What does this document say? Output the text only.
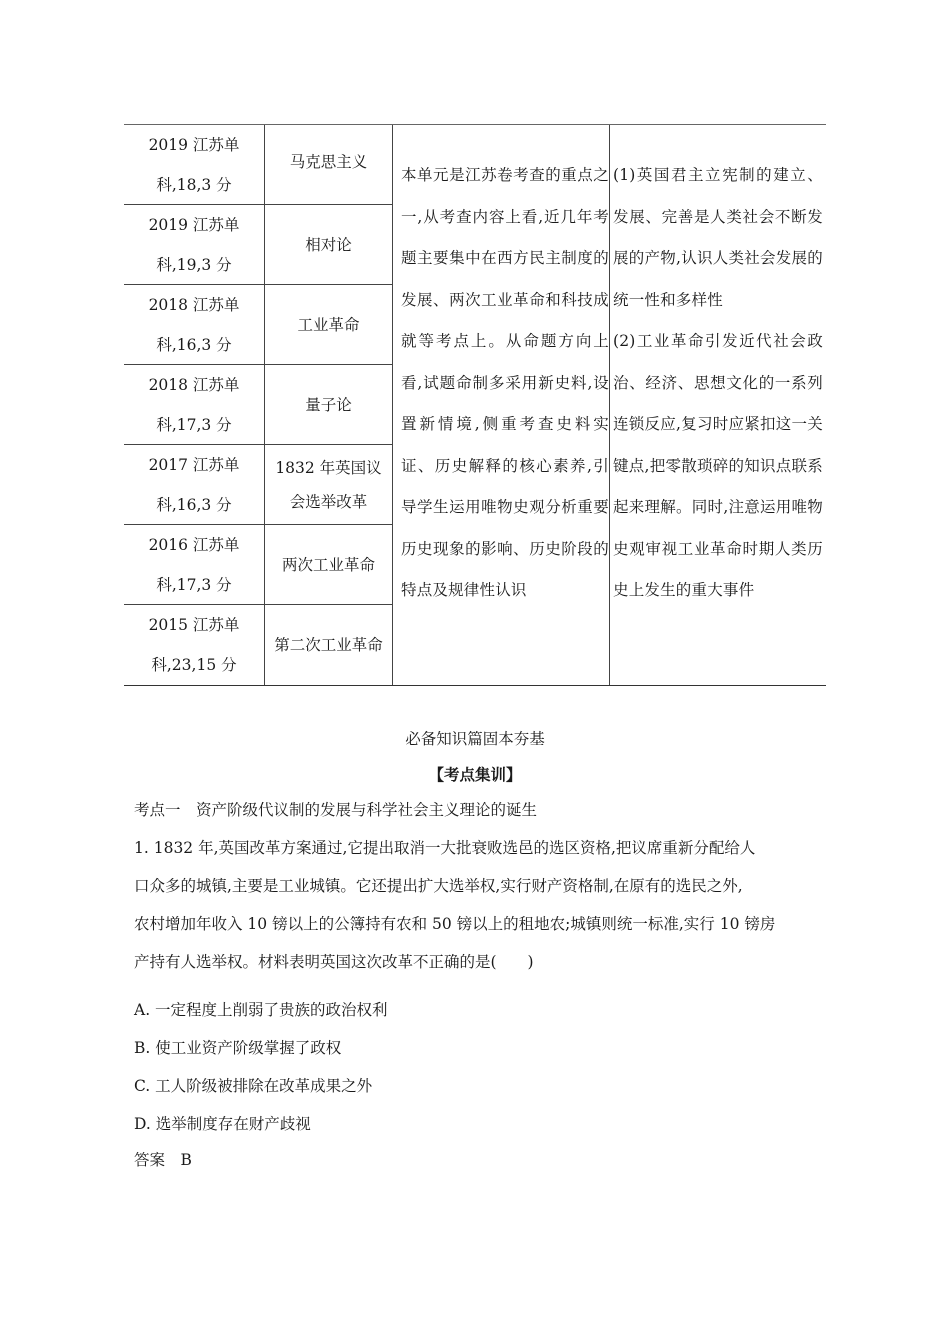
2019 江苏单
科,18,3 分
2019 江苏单
科,19,3 分
2018 江苏单
科,16,3 分
2018 江苏单
科,17,3 分
2017 江苏单
科,16,3 分
2016 江苏单
科,17,3 分
2015 江苏单
科,23,15 分
马克思主义
相对论
工业革命
量子论
1832 年英国议会选举改革
两次工业革命
第二次工业革命
本单元是江苏卷考查的重点之一,从考查内容上看,近几年考题主要集中在西方民主制度的发展、两次工业革命和科技成就等考点上。从命题方向上看,试题命制多采用新史料,设置新情境,侧重考查史料实证、历史解释的核心素养,引导学生运用唯物史观分析重要历史现象的影响、历史阶段的特点及规律性认识
(1)英国君主立宪制的建立、发展、完善是人类社会不断发展的产物,认识人类社会发展的统一性和多样性
(2)工业革命引发近代社会政治、经济、思想文化的一系列连锁反应,复习时应紧扣这一关键点,把零散琐碎的知识点联系起来理解。同时,注意运用唯物史观审视工业革命时期人类历史上发生的重大事件
必备知识篇固本夯基
【考点集训】
考点一　资产阶级代议制的发展与科学社会主义理论的诞生
1. 1832 年,英国改革方案通过,它提出取消一大批衰败选邑的选区资格,把议席重新分配给人
口众多的城镇,主要是工业城镇。它还提出扩大选举权,实行财产资格制,在原有的选民之外,
农村增加年收入 10 镑以上的公簿持有农和 50 镑以上的租地农;城镇则统一标准,实行 10 镑房
产持有人选举权。材料表明英国这次改革不正确的是(　　)
A. 一定程度上削弱了贵族的政治权利
B. 使工业资产阶级掌握了政权
C. 工人阶级被排除在改革成果之外
D. 选举制度存在财产歧视
答案　B
